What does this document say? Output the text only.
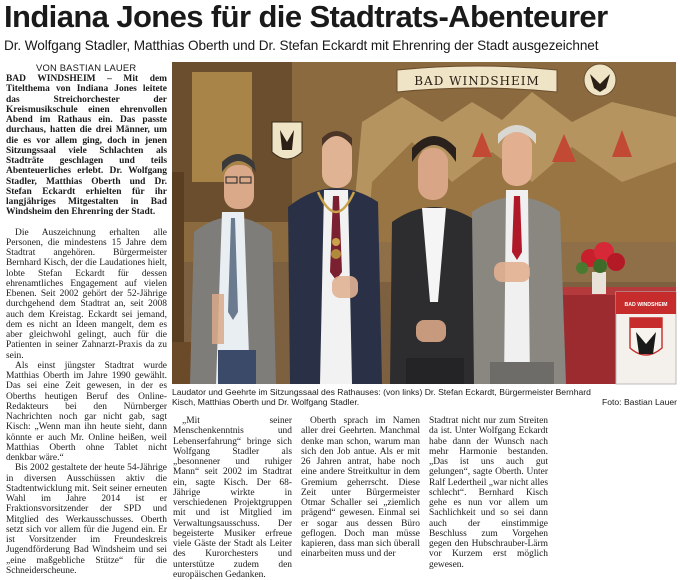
Indiana Jones für die Stadtrats-Abenteurer
Dr. Wolfgang Stadler, Matthias Oberth und Dr. Stefan Eckardt mit Ehrenring der Stadt ausgezeichnet
VON BASTIAN LAUER

BAD WINDSHEIM – Mit dem Titelthema von Indiana Jones leitete das Streichorchester der Kreismusikschule einen ehrenvollen Abend im Rathaus ein. Das passte durchaus, hatten die drei Männer, um die es vor allem ging, doch in jenen Sitzungssaal viele Schlachten als Stadträte geschlagen und teils Abenteuerliches erlebt. Dr. Wolfgang Stadler, Matthias Oberth und Dr. Stefan Eckardt erhielten für ihr langjähriges Mitgestalten in Bad Windsheim den Ehrenring der Stadt.

Die Auszeichnung erhalten alle Personen, die mindestens 15 Jahre dem Stadtrat angehören. Bürgermeister Bernhard Kisch, der die Laudationes hielt, lobte Stefan Eckardt für dessen ehrenamtliches Engagement auf vielen Ebenen. Seit 2002 gehört der 52-Jährige durchgehend dem Stadtrat an, seit 2008 auch dem Kreistag. Eckardt sei jemand, dem es nicht an Ideen mangelt, dem es aber gleichwohl gelingt, auch für die Patienten in seiner Zahnarzt-Praxis da zu sein.

Als einst jüngster Stadtrat wurde Matthias Oberth im Jahre 1990 gewählt. Das sei eine Zeit gewesen, in der es Oberths heutigen Beruf des Online-Redakteurs bei den Nürnberger Nachrichten noch gar nicht gab, sagt Kisch: „Wenn man ihn heute sieht, dann könnte er auch Mr. Online heißen, weil Matthias Oberth ohne Tablet nicht denkbar wäre.“

Bis 2002 gestaltete der heute 54-Jährige in diversen Ausschüssen aktiv die Stadtentwicklung mit. Seit seiner erneuten Wahl im Jahre 2014 ist er Fraktionsvorsitzender der SPD und Mitglied des Werkausschusses. Oberth setzt sich vor allem für die Jugend ein. Er ist Vorsitzender im Freundeskreis Jugendförderung Bad Windsheim und sei „eine maßgebliche Stütze“ für die Schneiderscheune.

BAD WINDSHEIM
BAD WINDSHEIM
Laudator und Geehrte im Sitzungssaal des Rathauses: (von links) Dr. Stefan Eckardt, Bürgermeister Bernhard Kisch, Matthias Oberth und Dr. Wolfgang Stadler.	Foto: Bastian Lauer

„Mit seiner Menschenkenntnis und Lebenserfahrung“ bringe sich Wolfgang Stadler als „besonnener und ruhiger Mann“ seit 2002 im Stadtrat ein, sagte Kisch. Der 68-Jährige wirkte in verschiedenen Projektgruppen mit und ist Mitglied im Verwaltungsausschuss. Der begeisterte Musiker erfreue viele Gäste der Stadt als Leiter des Kurorchesters und unterstütze zudem den europäischen Gedanken.

Oberth sprach im Namen aller drei Geehrten. Manchmal denke man schon, warum man sich den Job antue. Als er mit 26 Jahren antrat, habe noch eine andere Streitkultur in dem Gremium geherrscht. Diese Zeit unter Bürgermeister Otmar Schaller sei „ziemlich prägend“ gewesen. Einmal sei er sogar aus dessen Büro geflogen. Doch man müsse kapieren, dass man sich überall einarbeiten muss und der

Stadtrat nicht nur zum Streiten da ist. Unter Wolfgang Eckardt habe dann der Wunsch nach mehr Harmonie bestanden. „Das ist uns auch gut gelungen“, sagte Oberth. Unter Ralf Ledertheil „war nicht alles schlecht“. Bernhard Kisch gehe es nun vor allem um Sachlichkeit und so sei dann auch der einstimmige Beschluss zum Vorgehen gegen den Hubschrauber-Lärm vor Kurzem erst möglich gewesen.
